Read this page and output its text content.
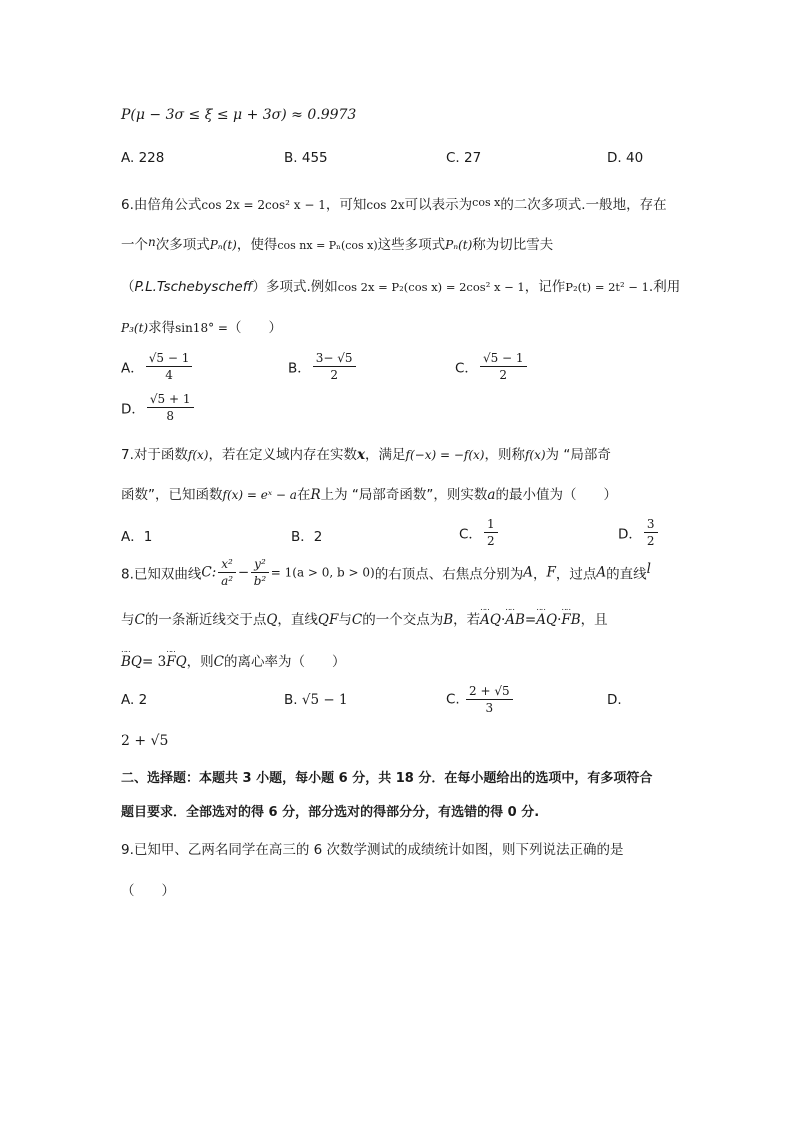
P(μ − 3σ ≤ ξ ≤ μ + 3σ) ≈ 0.9973
A. 228	B. 455	C. 27	D. 40
6.由倍角公式cos 2x = 2cos² x − 1，可知cos 2x可以表示为$^{cos x}$的二次多项式.一般地，存在
一个n次多项式Pₙ(t)，使得cos nx = Pₙ(cos x)这些多项式Pₙ(t)称为切比雪夫
（P.L.Tschebyscheff）多项式.例如cos 2x = P₂(cos x) = 2cos² x − 1，记作P₂(t) = 2t² − 1.利用
P₃(t)求得sin18° =（　　）
A． $\frac{√5 - 1}{4}$	B． $\frac{3- √5}{2}$	C． $\frac{√5 - 1}{2}$
D． $\frac{√5 + 1}{8}$
7.对于函数f(x)，若在定义域内存在实数x，满足f(−x) = −f(x)，则称f(x)为 “局部奇
函数”，已知函数f(x) = eˣ − a在R上为 “局部奇函数”，则实数a的最小值为（　　）
A．1	B．2	C． $\frac{1}{2}$	D． $\frac{3}{2}$
8.已知双曲线C: $\frac{\text{x²}}{\text{a²}} - \frac{\text{y²}}{\text{b²}} = 1(a > 0$, b > 0)的右顶点、右焦点分别为A，F，过点A的直线l
与C的一条渐近线交于点Q，直线QF与C的一个交点为B，若‥‥ AQ·‥‥ AB=‥‥ AQ·‥‥ FB，且
‥‥ BQ= 3‥‥ FQ，则C的离心率为（　　）
A. 2	B. √5 − 1	C. $\frac{2 + √5}{3}$	D.
2 + √5
二、选择题：本题共 3 小题，每小题 6 分，共 18 分．在每小题给出的选项中，有多项符合
题目要求．全部选对的得 6 分，部分选对的得部分分，有选错的得 0 分.
9.已知甲、乙两名同学在高三的 6 次数学测试的成绩统计如图，则下列说法正确的是
（　　）
